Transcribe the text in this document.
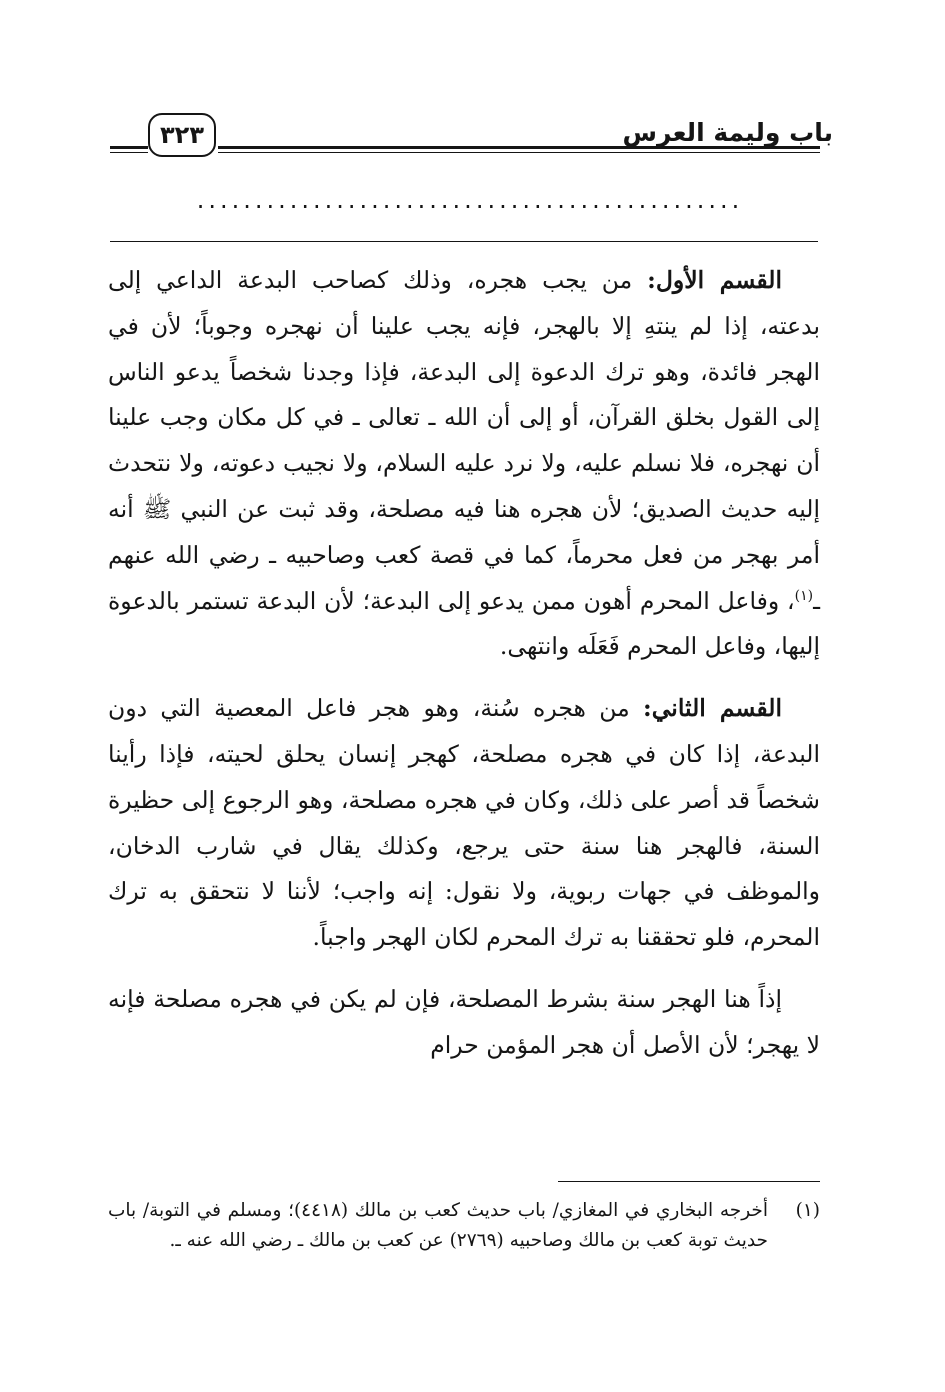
باب وليمة العرس
٣٢٣
...............................................

القسم الأول: من يجب هجره، وذلك كصاحب البدعة الداعي إلى بدعته، إذا لم ينتهِ إلا بالهجر، فإنه يجب علينا أن نهجره وجوباً؛ لأن في الهجر فائدة، وهو ترك الدعوة إلى البدعة، فإذا وجدنا شخصاً يدعو الناس إلى القول بخلق القرآن، أو إلى أن الله ـ تعالى ـ في كل مكان وجب علينا أن نهجره، فلا نسلم عليه، ولا نرد عليه السلام، ولا نجيب دعوته، ولا نتحدث إليه حديث الصديق؛ لأن هجره هنا فيه مصلحة، وقد ثبت عن النبي ﷺ أنه أمر بهجر من فعل محرماً، كما في قصة كعب وصاحبيه ـ رضي الله عنهم ـ$^{(١)}$، وفاعل المحرم أهون ممن يدعو إلى البدعة؛ لأن البدعة تستمر بالدعوة إليها، وفاعل المحرم فَعَلَه وانتهى.

القسم الثاني: من هجره سُنة، وهو هجر فاعل المعصية التي دون البدعة، إذا كان في هجره مصلحة، كهجر إنسان يحلق لحيته، فإذا رأينا شخصاً قد أصر على ذلك، وكان في هجره مصلحة، وهو الرجوع إلى حظيرة السنة، فالهجر هنا سنة حتى يرجع، وكذلك يقال في شارب الدخان، والموظف في جهات ربوية، ولا نقول: إنه واجب؛ لأننا لا نتحقق به ترك المحرم، فلو تحققنا به ترك المحرم لكان الهجر واجباً.

إذاً هنا الهجر سنة بشرط المصلحة، فإن لم يكن في هجره مصلحة فإنه لا يهجر؛ لأن الأصل أن هجر المؤمن حرام

(١)
أخرجه البخاري في المغازي/ باب حديث كعب بن مالك (٤٤١٨)؛ ومسلم في التوبة/ باب حديث توبة كعب بن مالك وصاحبيه (٢٧٦٩) عن كعب بن مالك ـ رضي الله عنه ـ.
